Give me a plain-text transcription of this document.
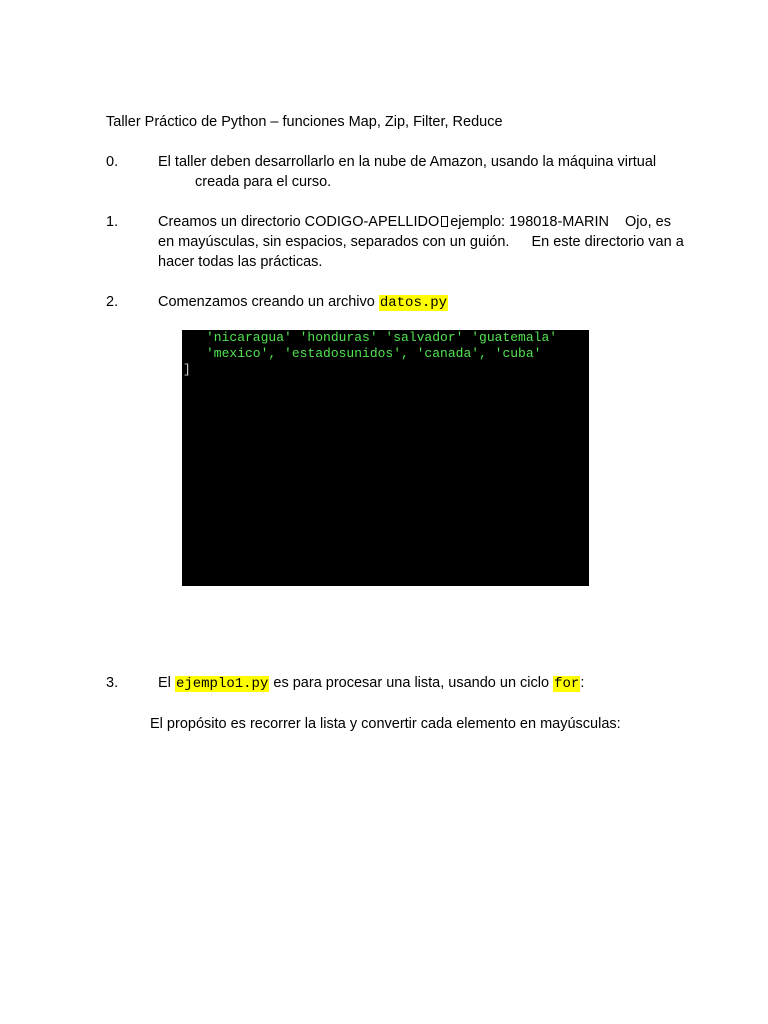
Taller Práctico de Python – funciones Map, Zip, Filter, Reduce
0.	El taller deben desarrollarlo en la nube de Amazon, usando la máquina virtual
creada para el curso.
1.	Creamos un directorio CODIGO-APELLIDO ejemplo: 198018-MARIN Ojo, es
en mayúsculas, sin espacios, separados con un guión. En este directorio van a
hacer todas las prácticas.
2.	Comenzamos creando un archivo datos.py
'nicaragua' 'honduras' 'salvador' 'guatemala'
'mexico', 'estadosunidos', 'canada', 'cuba'
]
3.	El ejemplo1.py es para procesar una lista, usando un ciclo for:
El propósito es recorrer la lista y convertir cada elemento en mayúsculas:
